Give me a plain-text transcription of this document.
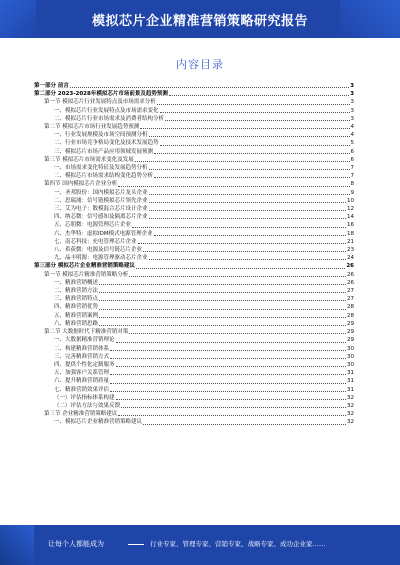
模拟芯片企业精准营销策略研究报告
内容目录
第一部分 前言	3
第二部分 2023-2028年模拟芯片市场前景及趋势预测	3
第一节 模拟芯片行业发展特点及市场需求分析	3
一、模拟芯片行业发展特点及市场需求变化	3
二、模拟芯片行业市场需求及消费者结构分析	3
第二节 模拟芯片市场行业发展趋势预测	4
一、行业发展规模及市场空间预测分析	4
二、行业市场竞争格局变化及技术发展趋势	5
三、模拟芯片市场产品应用领域发展预测	6
第三节 模拟芯片市场需求变化及发展	6
一、市场需求变化特征及发展趋势分析	7
二、模拟芯片市场需求结构变化趋势分析	7
第四节 国内模拟芯片企业分析	8
一、圣邦股份：国内模拟芯片龙头企业	9
二、思瑞浦：信号链模拟芯片领先企业	10
三、艾为电子：数模混合芯片设计企业	12
四、纳芯微：信号感知及隔离芯片企业	14
五、芯朋微：电源管理芯片企业	16
六、杰华特：虚拟IDM模式电源管理企业	18
七、南芯科技：充电管理芯片企业	21
八、希荻微：电源及信号链芯片企业	23
九、晶丰明源：电源管理驱动芯片企业	24
第三部分 模拟芯片企业精准营销策略建议	26
第一节 模拟芯片精准营销策略分析	26
一、精准营销概述	26
二、精准营销方法	27
三、精准营销特点	27
四、精准营销优势	28
五、精准营销案例	28
六、精准营销思路	29
第二节 大数据时代下精准营销对策	29
一、大数据精准营销理论	29
二、构建精准营销体系	30
三、完善精准营销方式	30
四、提供个性化定制服务	30
五、加强客户关系管理	31
六、提升精准营销质量	31
七、精准营销效果评估	31
（一）评估指标体系构建	32
（二）评估方法与效果反馈	32
第三节 企业精准营销策略建议	32
一、模拟芯片企业精准营销策略建议	32
让每个人都能成为	行业专家、管理专家、营销专家、战略专家、成功企业家……
